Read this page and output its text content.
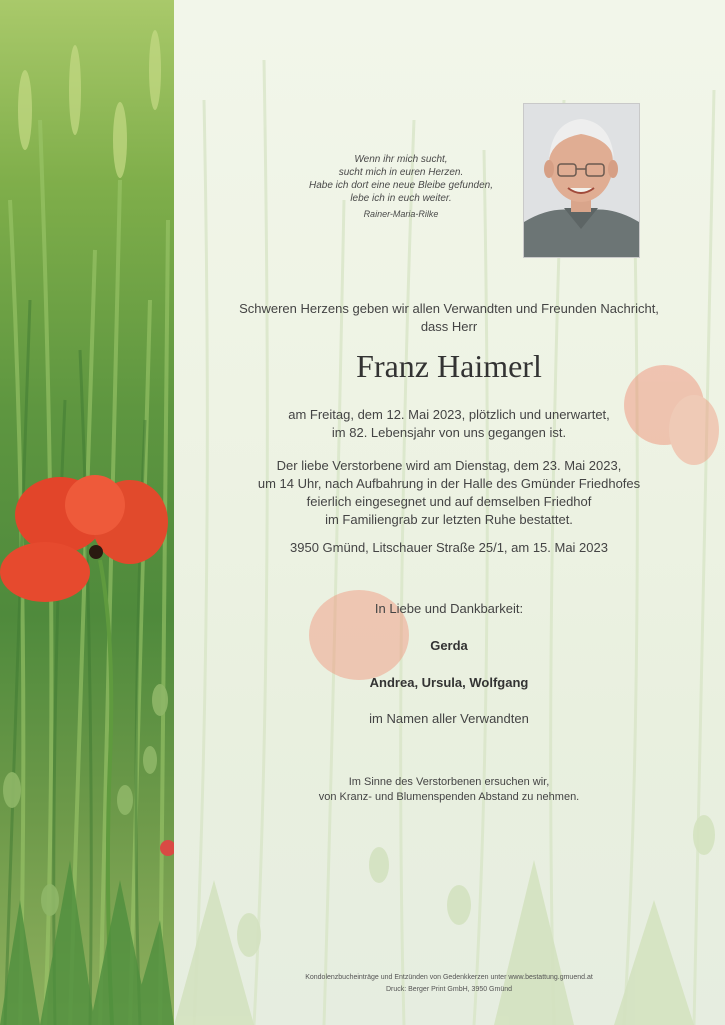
Wenn ihr mich sucht,
sucht mich in euren Herzen.
Habe ich dort eine neue Bleibe gefunden,
lebe ich in euch weiter.
Rainer-Maria-Rilke
Schweren Herzens geben wir allen Verwandten und Freunden Nachricht,
dass Herr
Franz Haimerl
am Freitag, dem 12. Mai 2023, plötzlich und unerwartet,
im 82. Lebensjahr von uns gegangen ist.
Der liebe Verstorbene wird am Dienstag, dem 23. Mai 2023,
um 14 Uhr, nach Aufbahrung in der Halle des Gmünder Friedhofes
feierlich eingesegnet und auf demselben Friedhof
im Familiengrab zur letzten Ruhe bestattet.
3950 Gmünd, Litschauer Straße 25/1, am 15. Mai 2023
In Liebe und Dankbarkeit:
Gerda
Andrea, Ursula, Wolfgang
im Namen aller Verwandten
Im Sinne des Verstorbenen ersuchen wir,
von Kranz- und Blumenspenden Abstand zu nehmen.
Kondolenzbucheinträge und Entzünden von Gedenkkerzen unter www.bestattung.gmuend.at
Druck: Berger Print GmbH, 3950 Gmünd
